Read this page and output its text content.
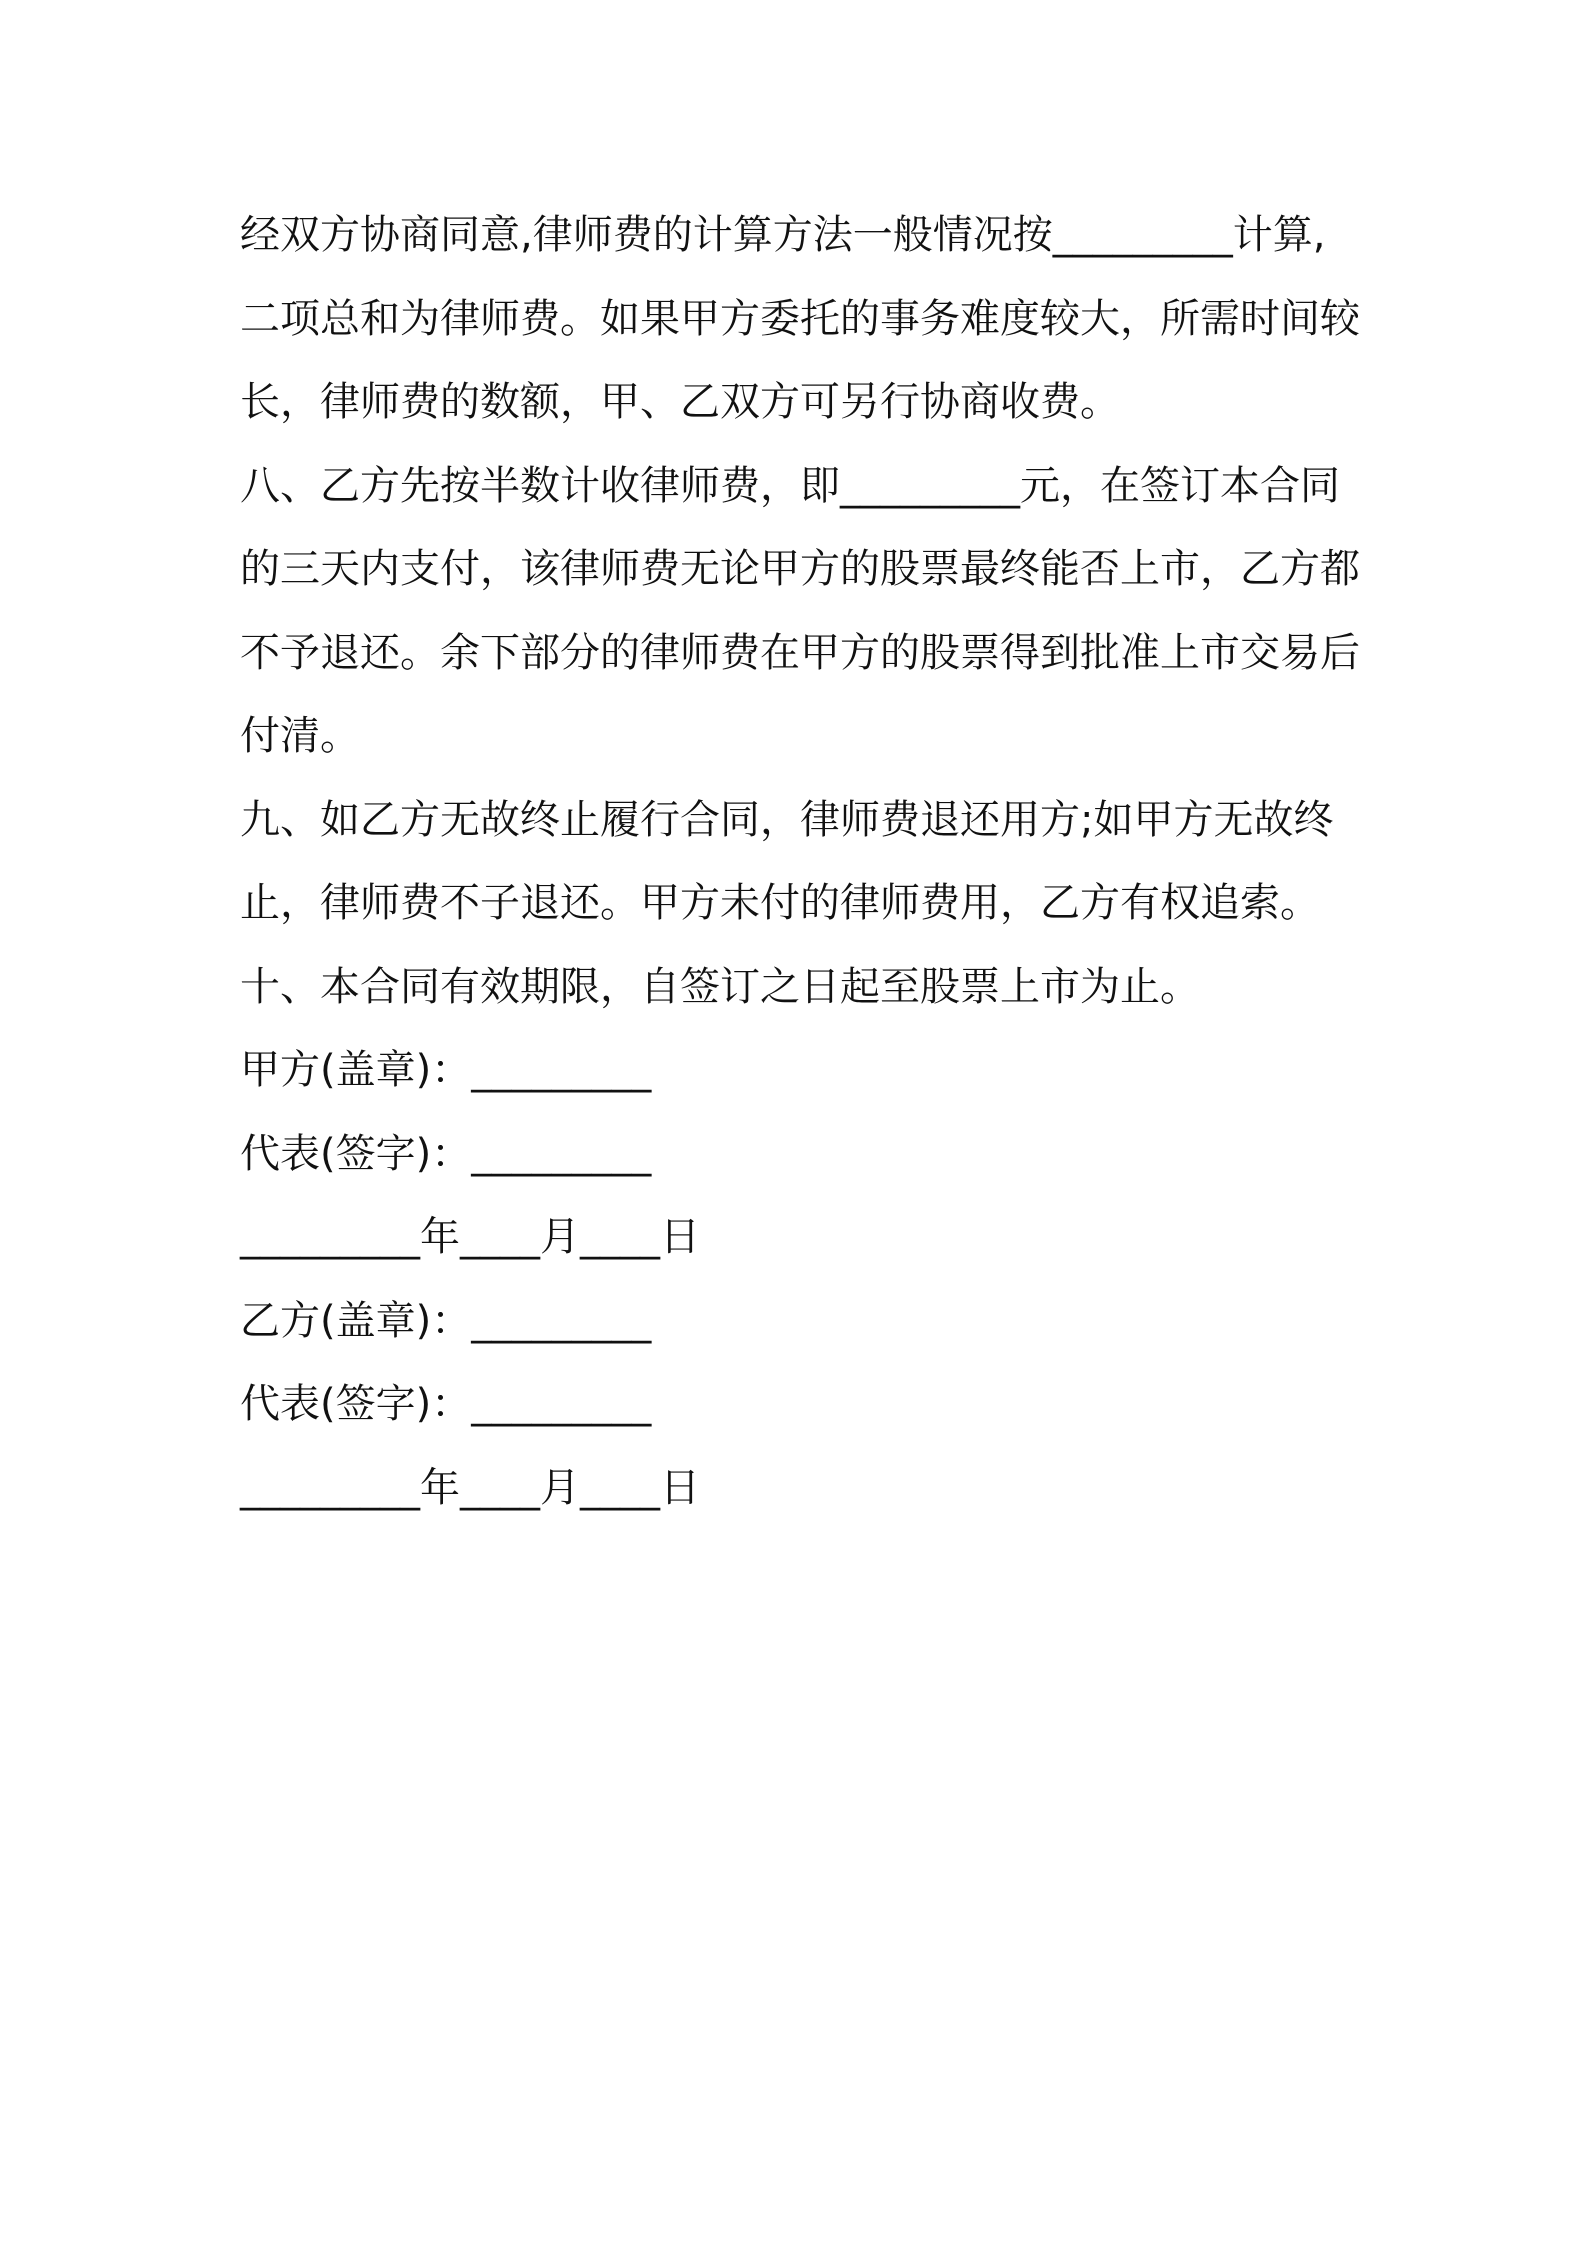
经双方协商同意,律师费的计算方法一般情况按_________计算,
二项总和为律师费。如果甲方委托的事务难度较大，所需时间较
长，律师费的数额，甲、乙双方可另行协商收费。
八、乙方先按半数计收律师费，即_________元，在签订本合同
的三天内支付，该律师费无论甲方的股票最终能否上市，乙方都
不予退还。余下部分的律师费在甲方的股票得到批准上市交易后
付清。
九、如乙方无故终止履行合同，律师费退还用方;如甲方无故终
止，律师费不子退还。甲方未付的律师费用，乙方有权追索。
十、本合同有效期限，自签订之日起至股票上市为止。
甲方(盖章)：_________
代表(签字)：_________
_________年____月____日
乙方(盖章)：_________
代表(签字)：_________
_________年____月____日
